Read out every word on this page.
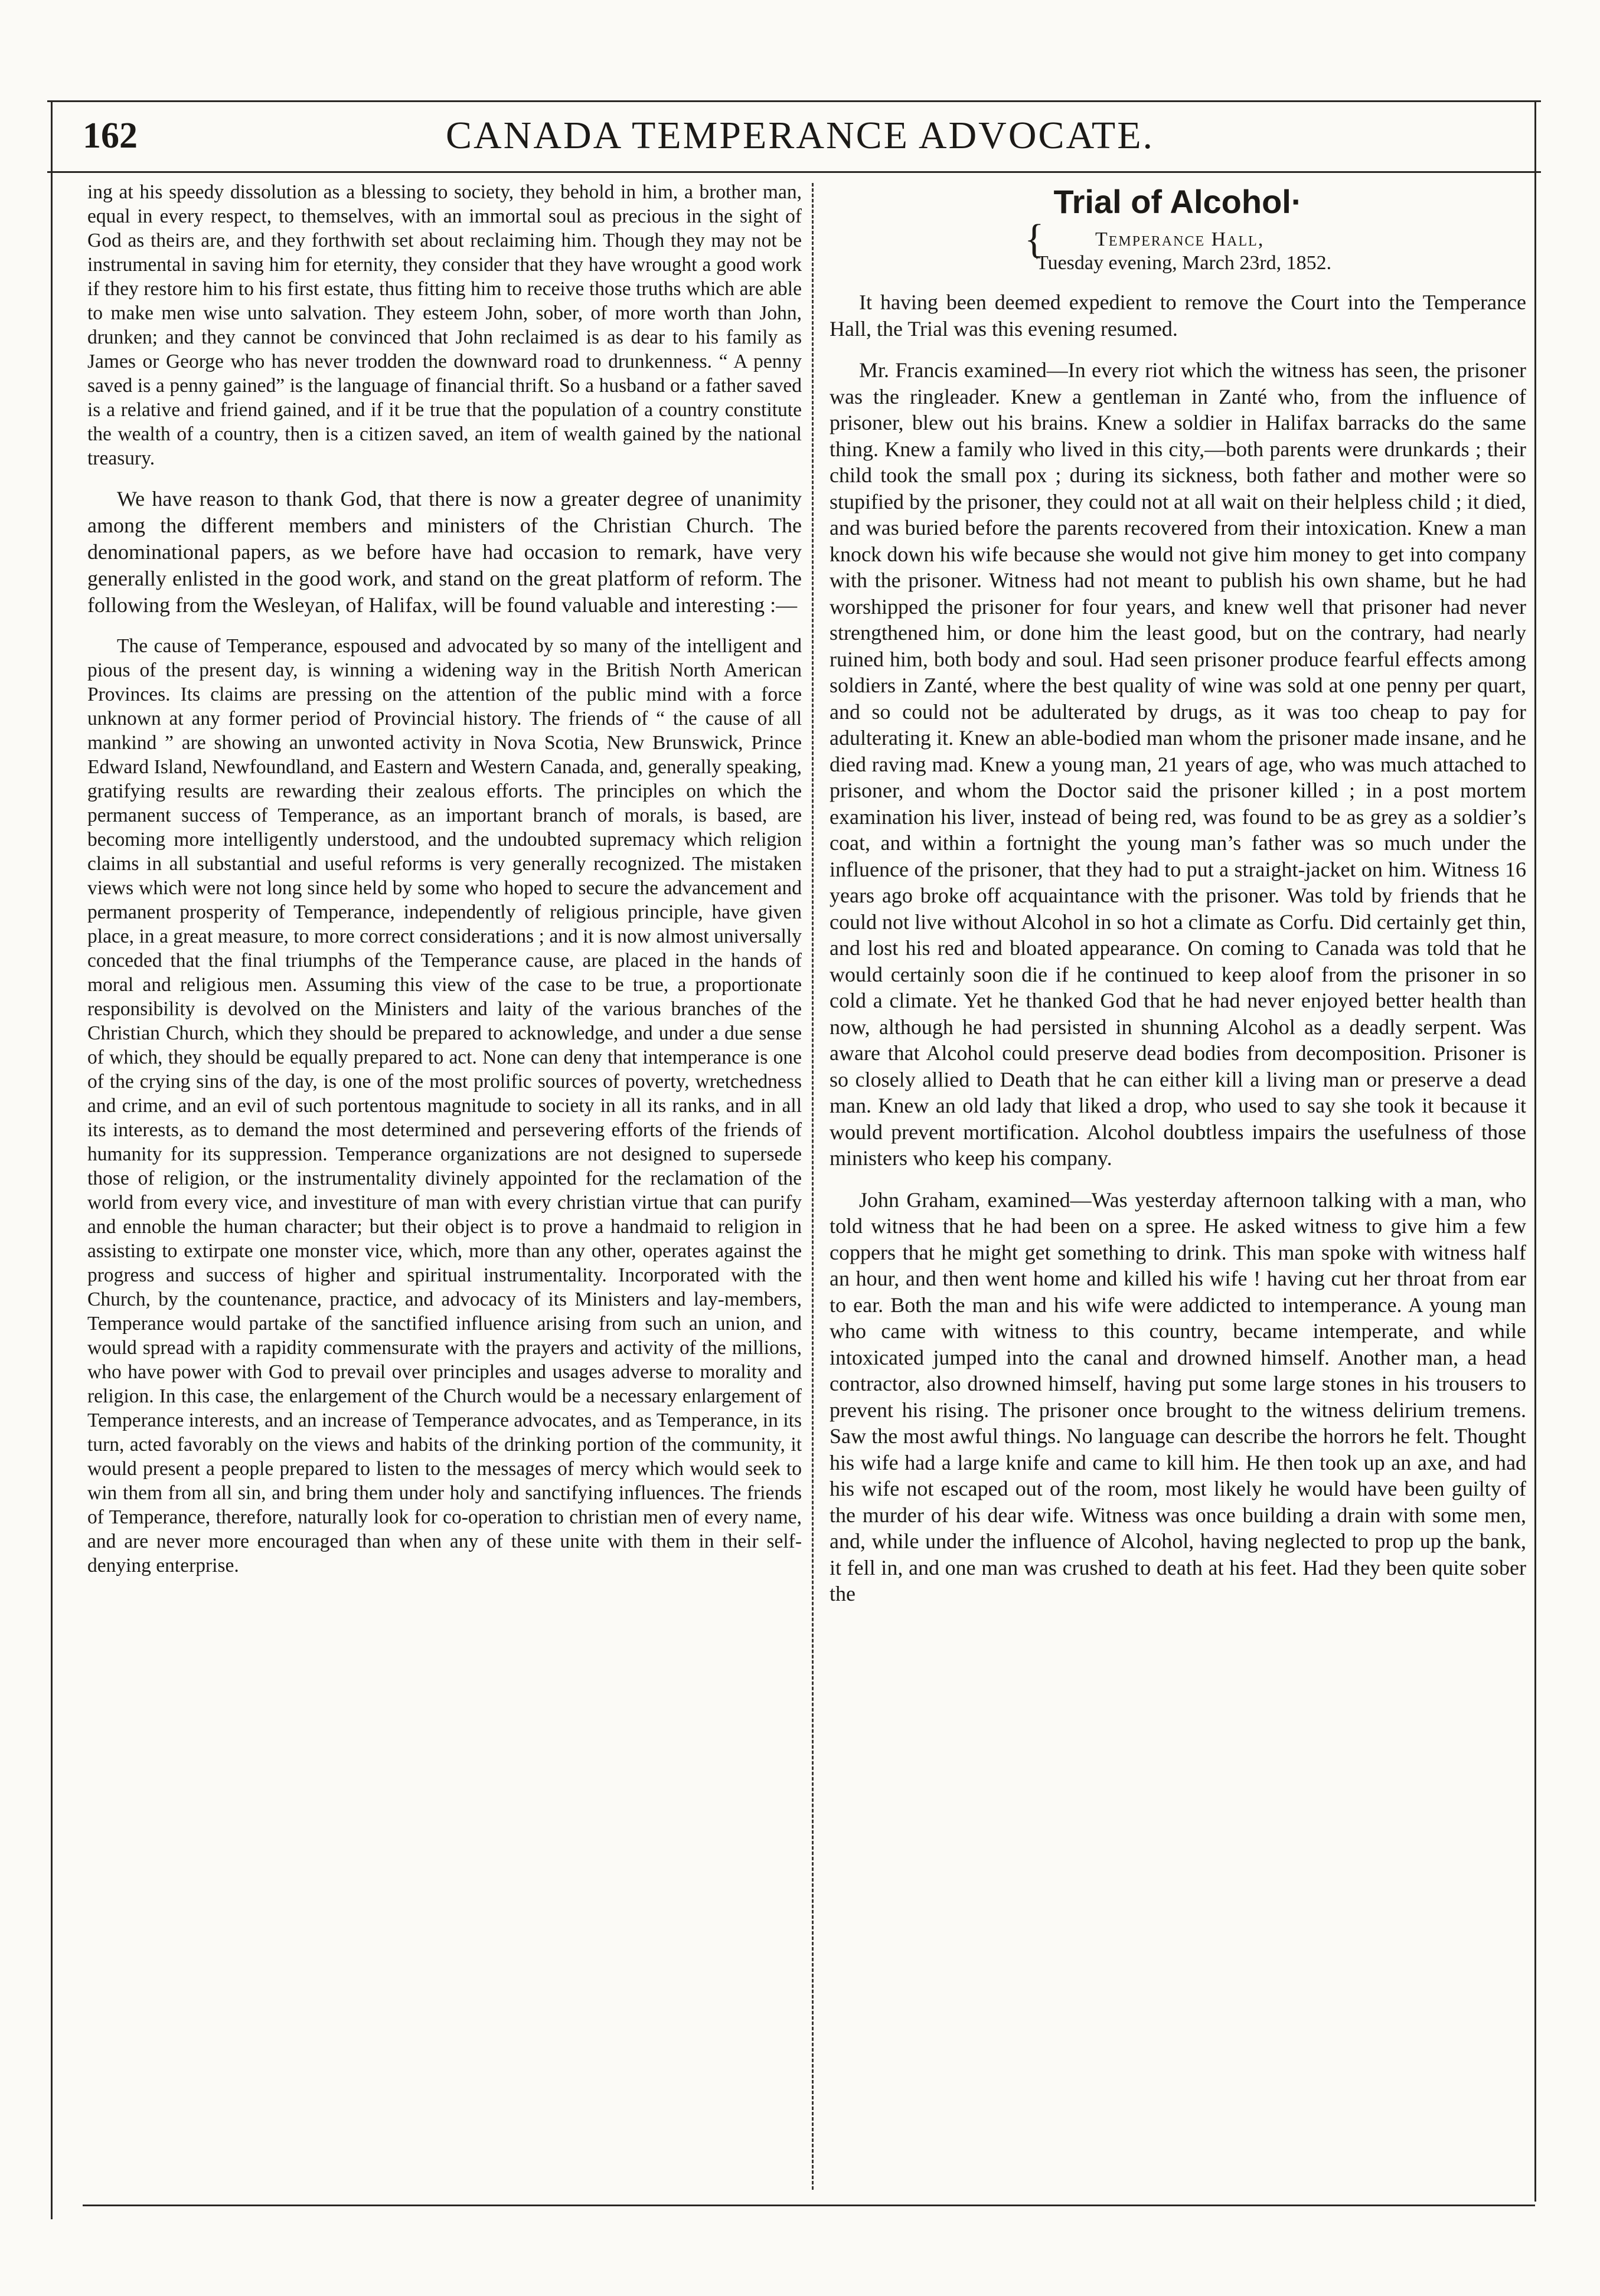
162	CANADA TEMPERANCE ADVOCATE.

ing at his speedy dissolution as a blessing to society, they behold in him, a brother man, equal in every respect, to themselves, with an immortal soul as precious in the sight of God as theirs are, and they forthwith set about reclaiming him. Though they may not be instrumental in saving him for eternity, they consider that they have wrought a good work if they restore him to his first estate, thus fitting him to receive those truths which are able to make men wise unto salvation. They esteem John, sober, of more worth than John, drunken; and they cannot be convinced that John reclaimed is as dear to his family as James or George who has never trodden the downward road to drunkenness. “ A penny saved is a penny gained” is the language of financial thrift. So a husband or a father saved is a relative and friend gained, and if it be true that the population of a country constitute the wealth of a country, then is a citizen saved, an item of wealth gained by the national treasury.

We have reason to thank God, that there is now a greater degree of unanimity among the different members and ministers of the Christian Church. The denominational papers, as we before have had occasion to remark, have very generally enlisted in the good work, and stand on the great platform of reform. The following from the Wesleyan, of Halifax, will be found valuable and interesting :—

The cause of Temperance, espoused and advocated by so many of the intelligent and pious of the present day, is winning a widening way in the British North American Provinces. Its claims are pressing on the attention of the public mind with a force unknown at any former period of Provincial history. The friends of “ the cause of all mankind ” are showing an unwonted activity in Nova Scotia, New Brunswick, Prince Edward Island, Newfoundland, and Eastern and Western Canada, and, generally speaking, gratifying results are rewarding their zealous efforts. The principles on which the permanent success of Temperance, as an important branch of morals, is based, are becoming more intelligently understood, and the undoubted supremacy which religion claims in all substantial and useful reforms is very generally recognized. The mistaken views which were not long since held by some who hoped to secure the advancement and permanent prosperity of Temperance, independently of religious principle, have given place, in a great measure, to more correct considerations ; and it is now almost universally conceded that the final triumphs of the Temperance cause, are placed in the hands of moral and religious men. Assuming this view of the case to be true, a proportionate responsibility is devolved on the Ministers and laity of the various branches of the Christian Church, which they should be prepared to acknowledge, and under a due sense of which, they should be equally prepared to act. None can deny that intemperance is one of the crying sins of the day, is one of the most prolific sources of poverty, wretchedness and crime, and an evil of such portentous magnitude to society in all its ranks, and in all its interests, as to demand the most determined and persevering efforts of the friends of humanity for its suppression. Temperance organizations are not designed to supersede those of religion, or the instrumentality divinely appointed for the reclamation of the world from every vice, and investiture of man with every christian virtue that can purify and ennoble the human character; but their object is to prove a handmaid to religion in assisting to extirpate one monster vice, which, more than any other, operates against the progress and success of higher and spiritual instrumentality. Incorporated with the Church, by the countenance, practice, and advocacy of its Ministers and lay-members, Temperance would partake of the sanctified influence arising from such an union, and would spread with a rapidity commensurate with the prayers and activity of the millions, who have power with God to prevail over principles and usages adverse to morality and religion. In this case, the enlargement of the Church would be a necessary enlargement of Temperance interests, and an increase of Temperance advocates, and as Temperance, in its turn, acted favorably on the views and habits of the drinking portion of the community, it would present a people prepared to listen to the messages of mercy which would seek to win them from all sin, and bring them under holy and sanctifying influences. The friends of Temperance, therefore, naturally look for co-operation to christian men of every name, and are never more encouraged than when any of these unite with them in their self-denying enterprise.

Trial of Alcohol·
{	Temperance Hall,
Tuesday evening, March 23rd, 1852.

It having been deemed expedient to remove the Court into the Temperance Hall, the Trial was this evening resumed.

Mr. Francis examined—In every riot which the witness has seen, the prisoner was the ringleader. Knew a gentleman in Zanté who, from the influence of prisoner, blew out his brains. Knew a soldier in Halifax barracks do the same thing. Knew a family who lived in this city,—both parents were drunkards ; their child took the small pox ; during its sickness, both father and mother were so stupified by the prisoner, they could not at all wait on their helpless child ; it died, and was buried before the parents recovered from their intoxication. Knew a man knock down his wife because she would not give him money to get into company with the prisoner. Witness had not meant to publish his own shame, but he had worshipped the prisoner for four years, and knew well that prisoner had never strengthened him, or done him the least good, but on the contrary, had nearly ruined him, both body and soul. Had seen prisoner produce fearful effects among soldiers in Zanté, where the best quality of wine was sold at one penny per quart, and so could not be adulterated by drugs, as it was too cheap to pay for adulterating it. Knew an able-bodied man whom the prisoner made insane, and he died raving mad. Knew a young man, 21 years of age, who was much attached to prisoner, and whom the Doctor said the prisoner killed ; in a post mortem examination his liver, instead of being red, was found to be as grey as a soldier’s coat, and within a fortnight the young man’s father was so much under the influence of the prisoner, that they had to put a straight-jacket on him. Witness 16 years ago broke off acquaintance with the prisoner. Was told by friends that he could not live without Alcohol in so hot a climate as Corfu. Did certainly get thin, and lost his red and bloated appearance. On coming to Canada was told that he would certainly soon die if he continued to keep aloof from the prisoner in so cold a climate. Yet he thanked God that he had never enjoyed better health than now, although he had persisted in shunning Alcohol as a deadly serpent. Was aware that Alcohol could preserve dead bodies from decomposition. Prisoner is so closely allied to Death that he can either kill a living man or preserve a dead man. Knew an old lady that liked a drop, who used to say she took it because it would prevent mortification. Alcohol doubtless impairs the usefulness of those ministers who keep his company.

John Graham, examined—Was yesterday afternoon talking with a man, who told witness that he had been on a spree. He asked witness to give him a few coppers that he might get something to drink. This man spoke with witness half an hour, and then went home and killed his wife ! having cut her throat from ear to ear. Both the man and his wife were addicted to intemperance. A young man who came with witness to this country, became intemperate, and while intoxicated jumped into the canal and drowned himself. Another man, a head contractor, also drowned himself, having put some large stones in his trousers to prevent his rising. The prisoner once brought to the witness delirium tremens. Saw the most awful things. No language can describe the horrors he felt. Thought his wife had a large knife and came to kill him. He then took up an axe, and had his wife not escaped out of the room, most likely he would have been guilty of the murder of his dear wife. Witness was once building a drain with some men, and, while under the influence of Alcohol, having neglected to prop up the bank, it fell in, and one man was crushed to death at his feet. Had they been quite sober the
